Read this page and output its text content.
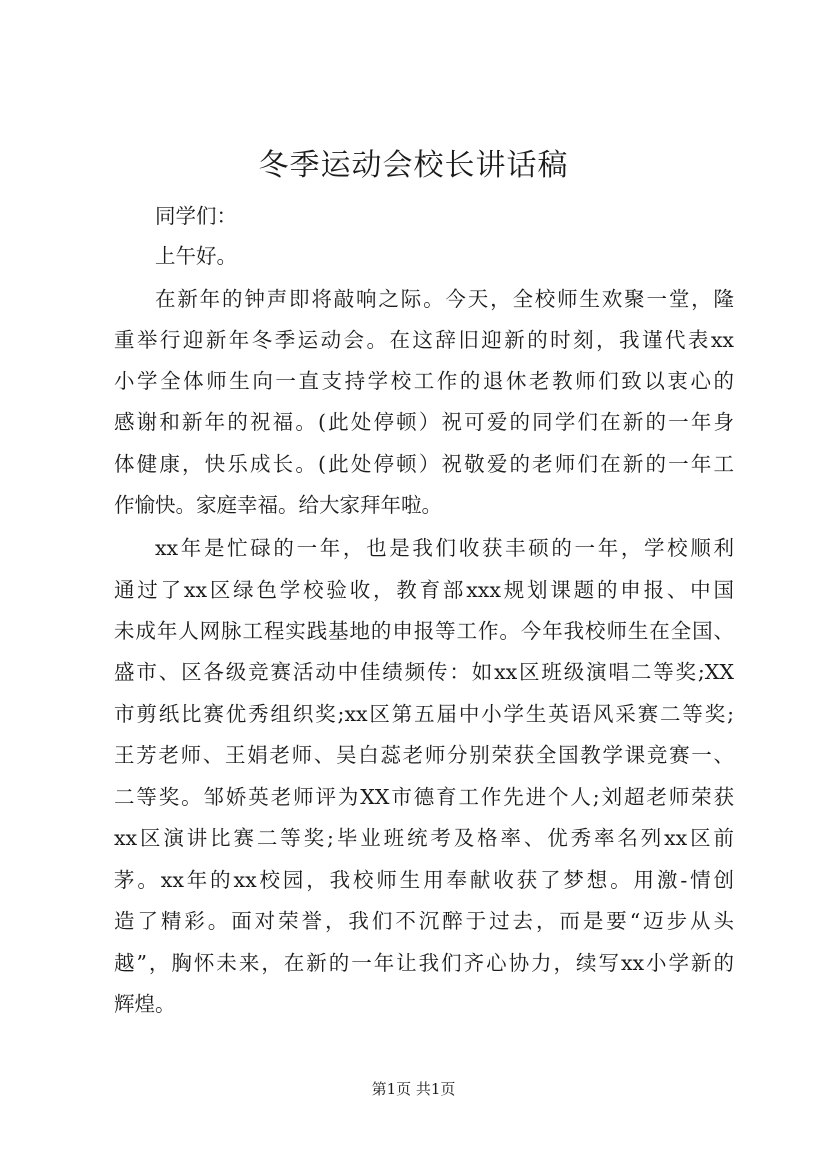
冬季运动会校长讲话稿
同学们：
上午好。
在新年的钟声即将敲响之际。今天，全校师生欢聚一堂，隆
重举行迎新年冬季运动会。在这辞旧迎新的时刻，我谨代表xx
小学全体师生向一直支持学校工作的退休老教师们致以衷心的
感谢和新年的祝福。(此处停顿）祝可爱的同学们在新的一年身
体健康，快乐成长。(此处停顿）祝敬爱的老师们在新的一年工
作愉快。家庭幸福。给大家拜年啦。
xx年是忙碌的一年，也是我们收获丰硕的一年，学校顺利
通过了xx区绿色学校验收，教育部xxx规划课题的申报、中国
未成年人网脉工程实践基地的申报等工作。今年我校师生在全国、
盛市、区各级竞赛活动中佳绩频传：如xx区班级演唱二等奖;XX
市剪纸比赛优秀组织奖;xx区第五届中小学生英语风采赛二等奖;
王芳老师、王娟老师、吴白蕊老师分别荣获全国教学课竞赛一、
二等奖。邹娇英老师评为XX市德育工作先进个人;刘超老师荣获
xx区演讲比赛二等奖;毕业班统考及格率、优秀率名列xx区前
茅。xx年的xx校园，我校师生用奉献收获了梦想。用激-情创
造了精彩。面对荣誉，我们不沉醉于过去，而是要“迈步从头
越”，胸怀未来，在新的一年让我们齐心协力，续写xx小学新的
辉煌。
第1页 共1页
